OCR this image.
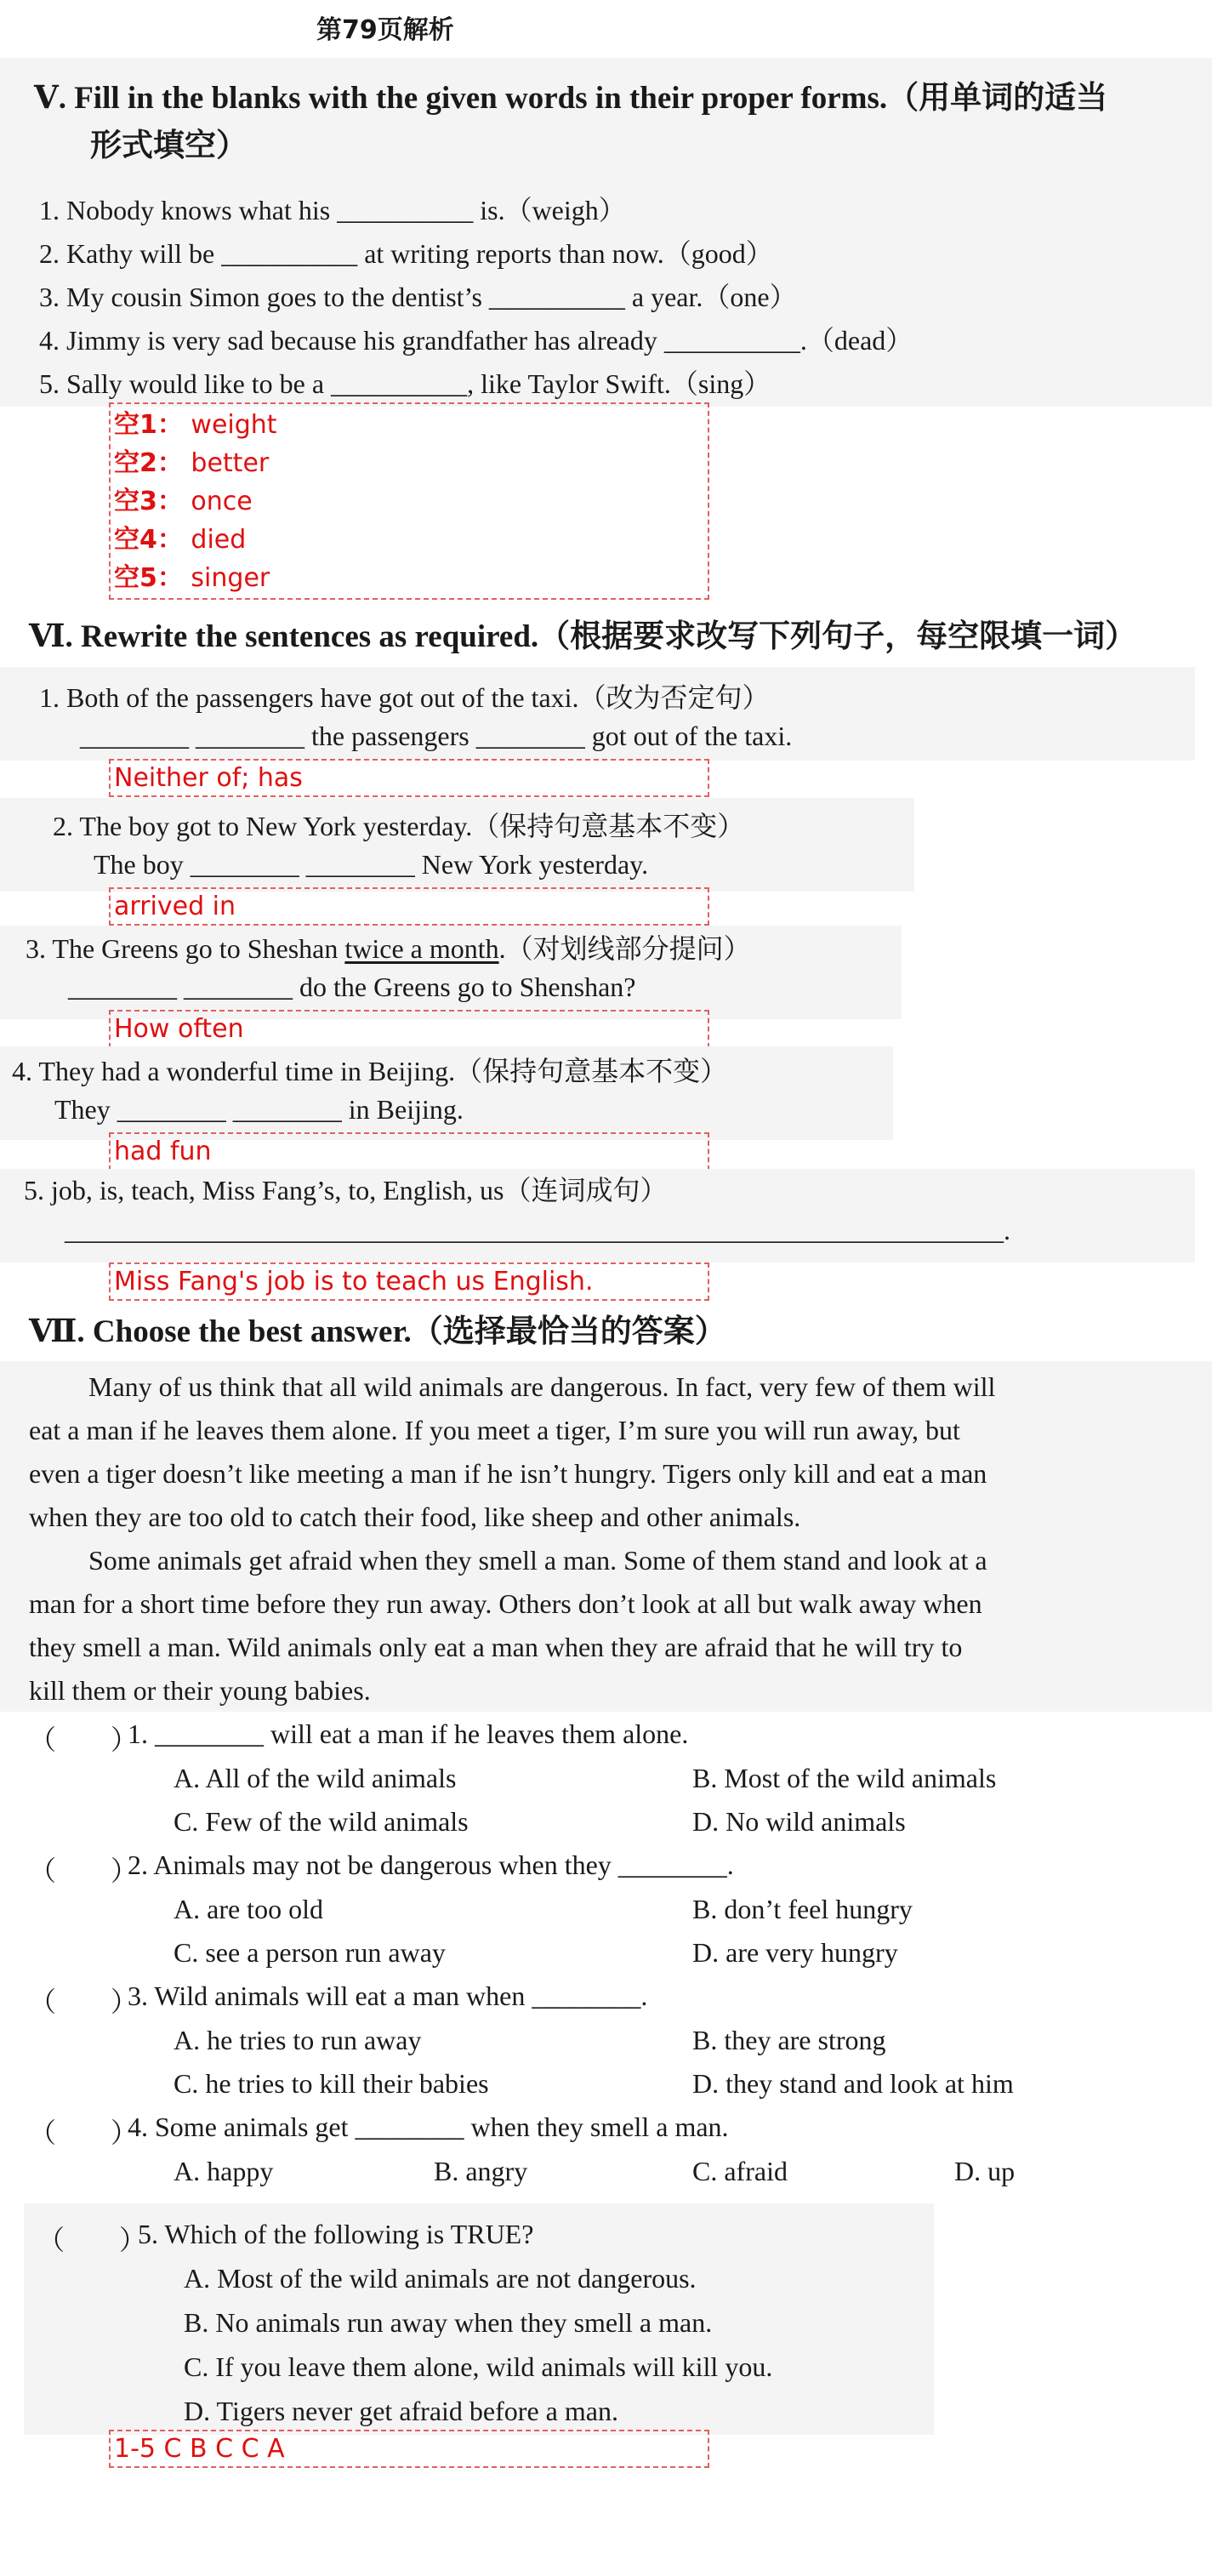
第79页解析
Ⅴ. Fill in the blanks with the given words in their proper forms.（用单词的适当
形式填空）
1. Nobody knows what his __________ is.（weigh）
2. Kathy will be __________ at writing reports than now.（good）
3. My cousin Simon goes to the dentist’s __________ a year.（one）
4. Jimmy is very sad because his grandfather has already __________.（dead）
5. Sally would like to be a __________, like Taylor Swift.（sing）
空1： weight
空2： better
空3： once
空4： died
空5： singer
Ⅵ. Rewrite the sentences as required.（根据要求改写下列句子，每空限填一词）
1. Both of the passengers have got out of the taxi.（改为否定句）
________ ________ the passengers ________ got out of the taxi.
Neither of; has
2. The boy got to New York yesterday.（保持句意基本不变）
The boy ________ ________ New York yesterday.
arrived in
3. The Greens go to Sheshan twice a month.（对划线部分提问）
________ ________ do the Greens go to Shenshan?
How often
4. They had a wonderful time in Beijing.（保持句意基本不变）
They ________ ________ in Beijing.
had fun
5. job, is, teach, Miss Fang’s, to, English, us（连词成句）
_____________________________________________________________________.
Miss Fang's job is to teach us English.
Ⅶ. Choose the best answer.（选择最恰当的答案）
Many of us think that all wild animals are dangerous. In fact, very few of them will
eat a man if he leaves them alone. If you meet a tiger, I’m sure you will run away, but
even a tiger doesn’t like meeting a man if he isn’t hungry. Tigers only kill and eat a man
when they are too old to catch their food, like sheep and other animals.
Some animals get afraid when they smell a man. Some of them stand and look at a
man for a short time before they run away. Others don’t look at all but walk away when
they smell a man. Wild animals only eat a man when they are afraid that he will try to
kill them or their young babies.
（　　）
1. ________ will eat a man if he leaves them alone.
A. All of the wild animals	B. Most of the wild animals
C. Few of the wild animals	D. No wild animals
（　　）
2. Animals may not be dangerous when they ________.
A. are too old	B. don’t feel hungry
C. see a person run away	D. are very hungry
（　　）
3. Wild animals will eat a man when ________.
A. he tries to run away	B. they are strong
C. he tries to kill their babies	D. they stand and look at him
（　　）
4. Some animals get ________ when they smell a man.
A. happy	B. angry	C. afraid	D. up
（　　）
5. Which of the following is TRUE?
A. Most of the wild animals are not dangerous.
B. No animals run away when they smell a man.
C. If you leave them alone, wild animals will kill you.
D. Tigers never get afraid before a man.
1-5 C B C C A
